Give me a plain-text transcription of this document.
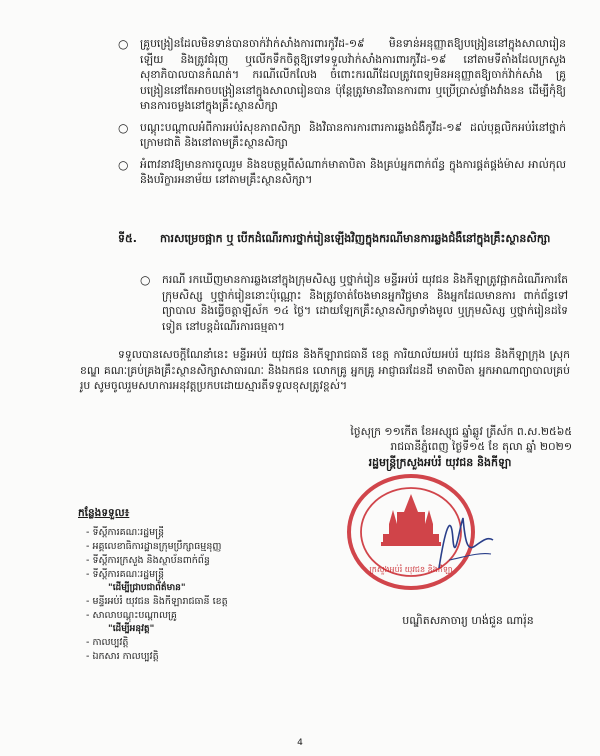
○	គ្រូបង្រៀនដែលមិនទាន់បានចាក់វ៉ាក់សាំងការពារកូវីដ-១៩ មិនទាន់អនុញ្ញាតឱ្យបង្រៀននៅក្នុងសាលារៀនឡើយ និងត្រូវជំរុញ ឬលើកទឹកចិត្តឱ្យទៅទទួលវ៉ាក់សាំងការពារកូវីដ-១៩ នៅតាមទីតាំងដែលក្រសួងសុខាភិបាលបានកំណត់។ ករណីលើកលែង ចំពោះករណីដែលត្រូវពេទ្យមិនអនុញ្ញាតឱ្យចាក់វ៉ាក់សាំង គ្រូបង្រៀននៅតែអាចបង្រៀននៅក្នុងសាលារៀនបាន ប៉ុន្តែត្រូវមានវិធានការពារ ឬប្រើប្រាស់ផ្ទាំងវាំងនន ដើម្បីកុំឱ្យមានការចម្លងនៅក្នុងគ្រឹះស្ថានសិក្សា
○	បណ្តុះបណ្តាលអំពីការអប់រំសុខភាពសិក្សា និងវិធានការការពារការឆ្លងជំងឺកូវីដ-១៩ ដល់បុគ្គលិកអប់រំនៅថ្នាក់ក្រោមជាតិ និងនៅតាមគ្រឹះស្ថានសិក្សា
○	អំពាវនាវឱ្យមានការចូលរួម និងឧបត្ថម្ភពីសំណាក់មាតាបិតា និងគ្រប់អ្នកពាក់ព័ន្ធ ក្នុងការផ្គត់ផ្គង់ម៉ាស អាល់កុល និងបរិក្ខារអនាម័យ នៅតាមគ្រឹះស្ថានសិក្សា។
ទី៥.	ការសម្រេចផ្អាក ឬ បើកដំណើរការថ្នាក់រៀនឡើងវិញក្នុងករណីមានការឆ្លងជំងឺនៅក្នុងគ្រឹះស្ថានសិក្សា
○	ករណី រកឃើញមានការឆ្លងនៅក្នុងក្រុមសិស្ស ឬថ្នាក់រៀន មន្ទីរអប់រំ យុវជន និងកីឡាត្រូវផ្អាកដំណើរការតែក្រុមសិស្ស ឬថ្នាក់រៀននោះប៉ុណ្ណោះ និងត្រូវចាត់ចែងមានអ្នកវិជ្ជមាន និងអ្នកដែលមានការ ពាក់ព័ន្ធទៅព្យាបាល និងធ្វើចត្តាឡីស័ក ១៤ ថ្ងៃ។ ដោយឡែកគ្រឹះស្ថានសិក្សាទាំងមូល ឬក្រុមសិស្ស ឬថ្នាក់រៀនដទៃទៀត នៅបន្តដំណើរការធម្មតា។
ទទួលបានសេចក្តីណែនាំនេះ មន្ទីរអប់រំ យុវជន និងកីឡារាជធានី ខេត្ត ការិយាល័យអប់រំ យុវជន និងកីឡាក្រុង ស្រុក ខណ្ឌ គណៈគ្រប់គ្រងគ្រឹះស្ថានសិក្សាសាធារណៈ និងឯកជន លោកគ្រូ អ្នកគ្រូ អាជ្ញាធរដែនដី មាតាបិតា អ្នកអាណាព្យាបាលគ្រប់រូប សូមចូលរួមសហការអនុវត្តប្រកបដោយស្មារតីទទួលខុសត្រូវខ្ពស់។
ថ្ងៃសុក្រ ១១កើត ខែអស្សុជ ឆ្នាំឆ្លូវ ត្រីស័ក ព.ស.២៥៦៥
រាជធានីភ្នំពេញ ថ្ងៃទី១៥ ខែ តុលា ឆ្នាំ ២០២១
រដ្ឋមន្ត្រីក្រសួងអប់រំ យុវជន និងកីឡា
ក្រសួងអប់រំ យុវជន និងកីឡា
បណ្ឌិតសភាចារ្យ ហង់ជួន ណារ៉ុន
កន្លែងទទួល៖
- ទីស្តីការគណៈរដ្ឋមន្ត្រី
- អគ្គលេខាធិការដ្ឋានក្រុមប្រឹក្សាធម្មនុញ្ញ
- ទីស្តីការក្រសួង និងស្ថាប័នពាក់ព័ន្ធ
- ទីស្តីការគណៈរដ្ឋមន្ត្រី
"ដើម្បីជ្រាបជាព័ត៌មាន"
- មន្ទីរអប់រំ យុវជន និងកីឡារាជធានី ខេត្ត
- សាលាបណ្តុះបណ្តាលគ្រូ
"ដើម្បីអនុវត្ត"
- កាលប្បវត្តិ
- ឯកសារ កាលប្បវត្តិ
4
